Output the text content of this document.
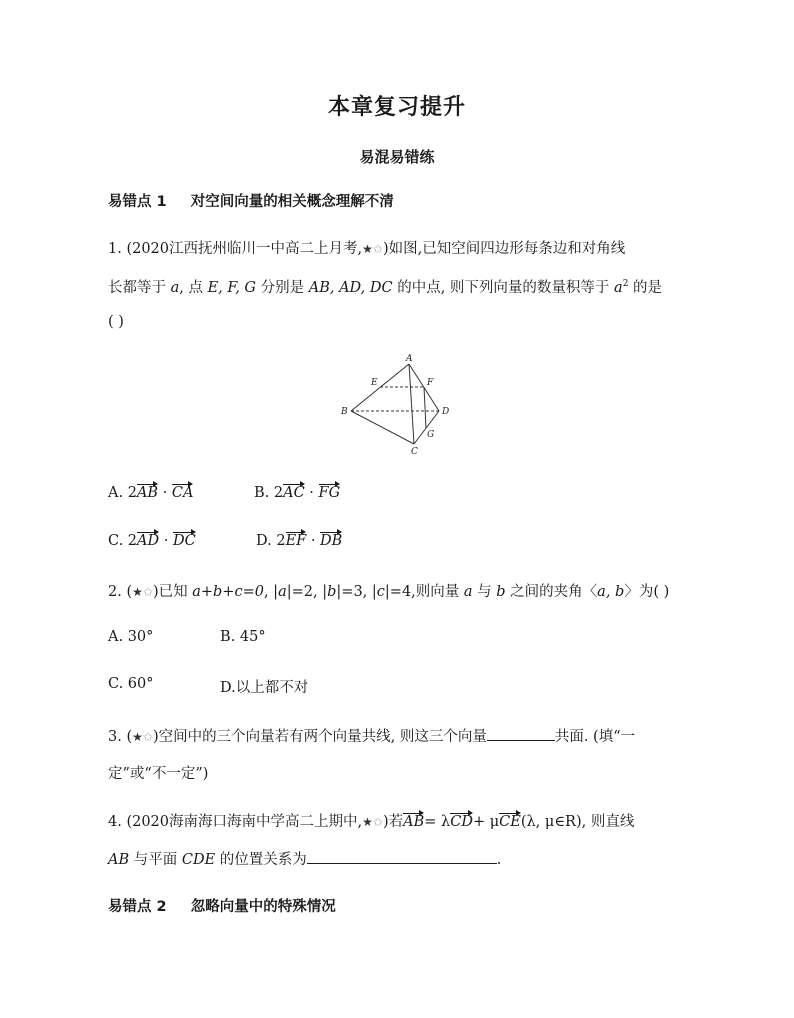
本章复习提升
易混易错练
易错点 1 对空间向量的相关概念理解不清
1. (2020江西抚州临川一中高二上月考,★✩)如图,已知空间四边形每条边和对角线
长都等于 a, 点 E, F, G 分别是 AB, AD, DC 的中点, 则下列向量的数量积等于 $a^2$ 的是
( )
A
B
C
D
E	F
G
A. 2AB · CA	B. 2AC · FG
C. 2AD · DC	D. 2EF · DB
2. (★✩)已知 a+b+c=0, |a|=2, |b|=3, |c|=4,则向量 a 与 b 之间的夹角〈a, b〉为( )
A. 30°	B. 45°
C. 60°	D.以上都不对
3. (★✩)空间中的三个向量若有两个向量共线, 则这三个向量	共面. (填“一
定”或“不一定”)
4. (2020海南海口海南中学高二上期中,★✩)若AB= λCD+ μCE(λ, μ∈R), 则直线
AB 与平面 CDE 的位置关系为	.
易错点 2 忽略向量中的特殊情况
